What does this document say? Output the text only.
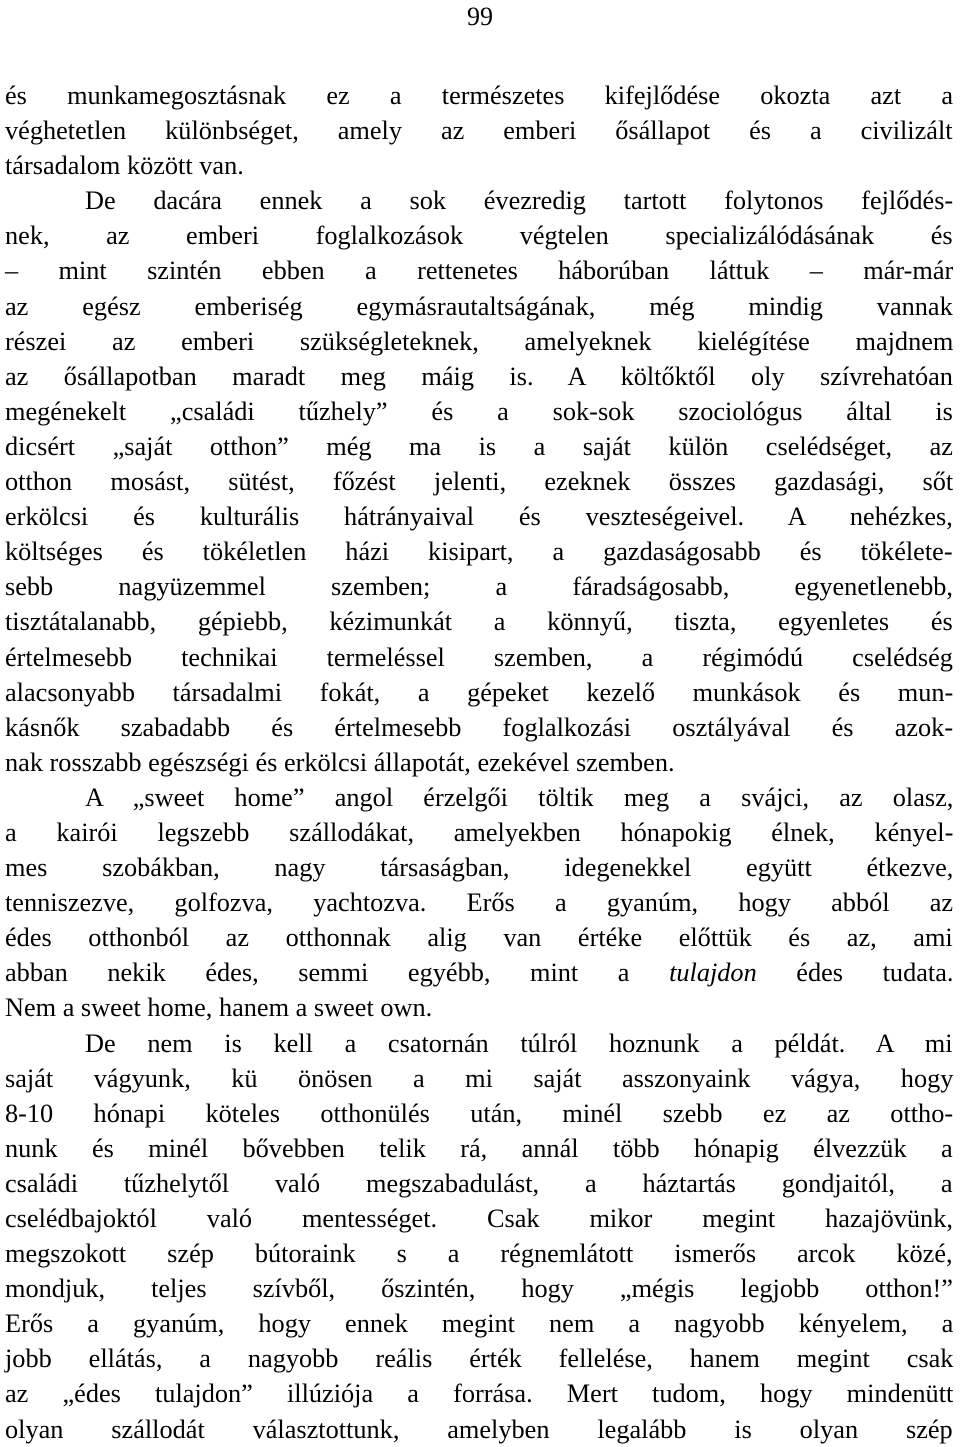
99
és munkamegosztásnak ez a természetes kifejlődése okozta azt a
véghetetlen különbséget, amely az emberi ősállapot és a civilizált
társadalom között van.
De dacára ennek a sok évezredig tartott folytonos fejlődés-
nek, az emberi foglalkozások végtelen specializálódásának és
– mint szintén ebben a rettenetes háborúban láttuk – már-már
az egész emberiség egymásrautaltságának, még mindig vannak
részei az emberi szükségleteknek, amelyeknek kielégítése majdnem
az ősállapotban maradt meg máig is. A költőktől oly szívrehatóan
megénekelt „családi tűzhely” és a sok-sok szociológus által is
dicsért „saját otthon” még ma is a saját külön cselédséget, az
otthon mosást, sütést, főzést jelenti, ezeknek összes gazdasági, sőt
erkölcsi és kulturális hátrányaival és veszteségeivel. A nehézkes,
költséges és tökéletlen házi kisipart, a gazdaságosabb és tökélete-
sebb nagyüzemmel szemben; a fáradságosabb, egyenetlenebb,
tisztátalanabb, gépiebb, kézimunkát a könnyű, tiszta, egyenletes és
értelmesebb technikai termeléssel szemben, a régimódú cselédség
alacsonyabb társadalmi fokát, a gépeket kezelő munkások és mun-
kásnők szabadabb és értelmesebb foglalkozási osztályával és azok-
nak rosszabb egészségi és erkölcsi állapotát, ezekével szemben.
A „sweet home” angol érzelgői töltik meg a svájci, az olasz,
a kairói legszebb szállodákat, amelyekben hónapokig élnek, kényel-
mes szobákban, nagy társaságban, idegenekkel együtt étkezve,
tenniszezve, golfozva, yachtozva. Erős a gyanúm, hogy abból az
édes otthonból az otthonnak alig van értéke előttük és az, ami
abban nekik édes, semmi egyébb, mint a tulajdon édes tudata.
Nem a sweet home, hanem a sweet own.
De nem is kell a csatornán túlról hoznunk a példát. A mi
saját vágyunk, kü önösen a mi saját asszonyaink vágya, hogy
8-10 hónapi köteles otthonülés után, minél szebb ez az ottho-
nunk és minél bővebben telik rá, annál több hónapig élvezzük a
családi tűzhelytől való megszabadulást, a háztartás gondjaitól, a
cselédbajoktól való mentességet. Csak mikor megint hazajövünk,
megszokott szép bútoraink s a régnemlátott ismerős arcok közé,
mondjuk, teljes szívből, őszintén, hogy „mégis legjobb otthon!”
Erős a gyanúm, hogy ennek megint nem a nagyobb kényelem, a
jobb ellátás, a nagyobb reális érték fellelése, hanem megint csak
az „édes tulajdon” illúziója a forrása. Mert tudom, hogy mindenütt
olyan szállodát választottunk, amelyben legalább is olyan szép
